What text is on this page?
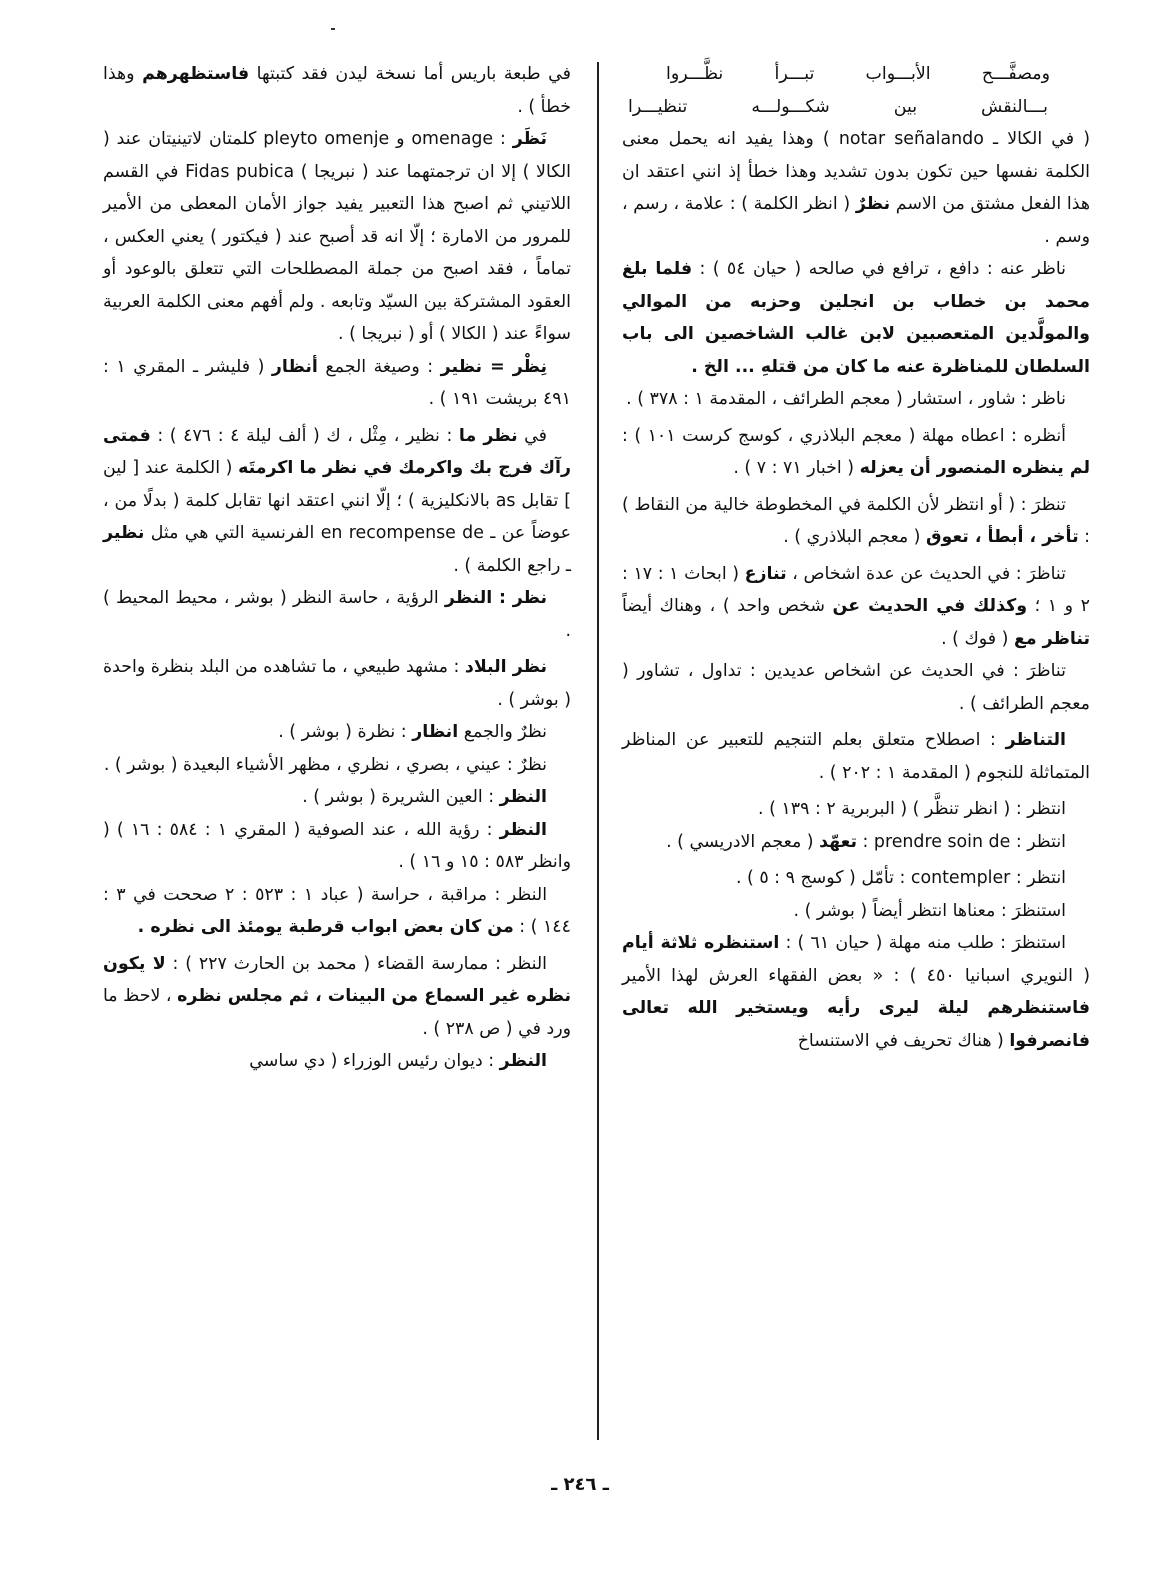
ومصفَّـــح الأبـــواب تبـــرأ نظَّـــروا

بـــالنقش بين شكـــولـــه تنظيـــرا

( في الكالا ـ notar señalando ) وهذا يفيد انه يحمل معنى الكلمة نفسها حين تكون بدون تشديد وهذا خطأ إذ انني اعتقد ان هذا الفعل مشتق من الاسم نظرٌ ( انظر الكلمة ) : علامة ، رسم ، وسم .

ناظر عنه : دافع ، ترافع في صالحه ( حيان ٥٤ ) : فلما بلغ محمد بن خطاب بن انجلين وحزبه من الموالي والمولَّدين المتعصبين لابن غالب الشاخصين الى باب السلطان للمناظرة عنه ما كان من قتلهِ ... الخ .

ناظر : شاور ، استشار ( معجم الطرائف ، المقدمة ١ : ٣٧٨ ) .

أنظره : اعطاه مهلة ( معجم البلاذري ، كوسج كرست ١٠١ ) : لم ينظره المنصور أن يعزله ( اخبار ٧١ : ٧ ) .

تنظرَ : ( أو انتظر لأن الكلمة في المخطوطة خالية من النقاط ) : تأخر ، أبطأ ، تعوق ( معجم البلاذري ) .

تناظرَ : في الحديث عن عدة اشخاص ، تنازع ( ابحاث ١ : ١٧ : ٢ و ١ ؛ وكذلك في الحديث عن شخص واحد ) ، وهناك أيضاً تناظر مع ( فوك ) .

تناظرَ : في الحديث عن اشخاص عديدين : تداول ، تشاور ( معجم الطرائف ) .

التناظر : اصطلاح متعلق بعلم التنجيم للتعبير عن المناظر المتماثلة للنجوم ( المقدمة ١ : ٢٠٢ ) .

انتظر : ( انظر تنظَّر ) ( البربرية ٢ : ١٣٩ ) .

انتظر : prendre soin de : تعهّد ( معجم الادريسي ) .

انتظر : contempler : تأمّل ( كوسج ٩ : ٥ ) .

استنظرَ : معناها انتظر أيضاً ( بوشر ) .

استنظرَ : طلب منه مهلة ( حيان ٦١ ) : استنظره ثلاثة أيام ( النويري اسبانيا ٤٥٠ ) : « بعض الفقهاء العرش لهذا الأمير فاستنظرهم ليلة ليرى رأيه ويستخير الله تعالى فانصرفوا ( هناك تحريف في الاستنساخ

في طبعة باريس أما نسخة ليدن فقد كتبتها فاستظهرهم وهذا خطأ ) .

نَظَر : omenage و pleyto omenje كلمتان لاتينيتان عند ( الكالا ) إلا ان ترجمتهما عند ( نبريجا ) Fidas pubica في القسم اللاتيني ثم اصبح هذا التعبير يفيد جواز الأمان المعطى من الأمير للمرور من الامارة ؛ إلّا انه قد أصبح عند ( فيكتور ) يعني العكس ، تماماً ، فقد اصبح من جملة المصطلحات التي تتعلق بالوعود أو العقود المشتركة بين السيّد وتابعه . ولم أفهم معنى الكلمة العربية سواءً عند ( الكالا ) أو ( نبريجا ) .

نِظْر = نظير : وصيغة الجمع أنظار ( فليشر ـ المقري ١ : ٤٩١ بريشت ١٩١ ) .

في نظر ما : نظير ، مِثْل ، ك ( ألف ليلة ٤ : ٤٧٦ ) : فمتى رآك فرج بك واكرمك في نظر ما اكرمتَه ( الكلمة عند [ لين ] تقابل as بالانكليزية ) ؛ إلّا انني اعتقد انها تقابل كلمة ( بدلًا من ، عوضاً عن ـ en recompense de الفرنسية التي هي مثل نظير ـ راجع الكلمة ) .

نظر : النظر الرؤية ، حاسة النظر ( بوشر ، محيط المحيط ) .

نظر البلاد : مشهد طبيعي ، ما تشاهده من البلد بنظرة واحدة ( بوشر ) .

نظرٌ والجمع انظار : نظرة ( بوشر ) .

نظرٌ : عيني ، بصري ، نظري ، مظهر الأشياء البعيدة ( بوشر ) .

النظر : العين الشريرة ( بوشر ) .

النظر : رؤية الله ، عند الصوفية ( المقري ١ : ٥٨٤ : ١٦ ) ( وانظر ٥٨٣ : ١٥ و ١٦ ) .

النظر : مراقبة ، حراسة ( عباد ١ : ٥٢٣ : ٢ صححت في ٣ : ١٤٤ ) : من كان بعض ابواب قرطبة يومئذ الى نظره .

النظر : ممارسة القضاء ( محمد بن الحارث ٢٢٧ ) : لا يكون نظره غير السماع من البينات ، ثم مجلس نظره ، لاحظ ما ورد في ( ص ٢٣٨ ) .

النظر : ديوان رئيس الوزراء ( دي ساسي

ـ ٢٤٦ ـ
